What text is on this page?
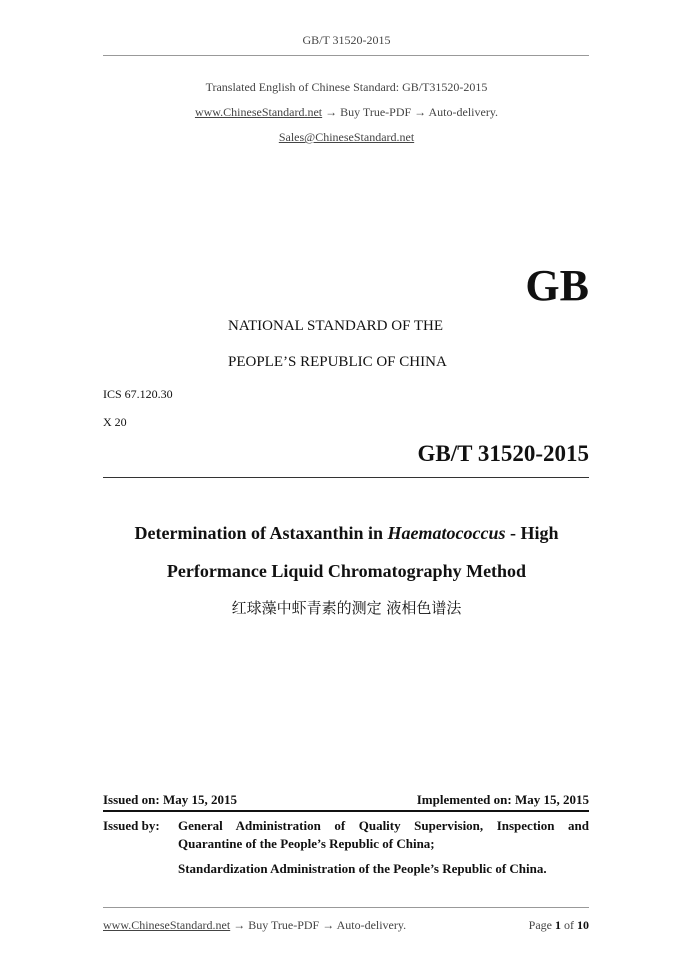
GB/T 31520-2015
Translated English of Chinese Standard: GB/T31520-2015
www.ChineseStandard.net → Buy True-PDF → Auto-delivery.
Sales@ChineseStandard.net
GB
NATIONAL STANDARD OF THE
PEOPLE’S REPUBLIC OF CHINA
ICS 67.120.30
X 20
GB/T 31520-2015
Determination of Astaxanthin in Haematococcus - High
Performance Liquid Chromatography Method
红球藻中虾青素的测定 液相色谱法
Issued on: May 15, 2015	Implemented on: May 15, 2015
Issued by: General Administration of Quality Supervision, Inspection and
Quarantine of the People’s Republic of China;
Standardization Administration of the People’s Republic of China.
www.ChineseStandard.net → Buy True-PDF → Auto-delivery.	Page 1 of 10
